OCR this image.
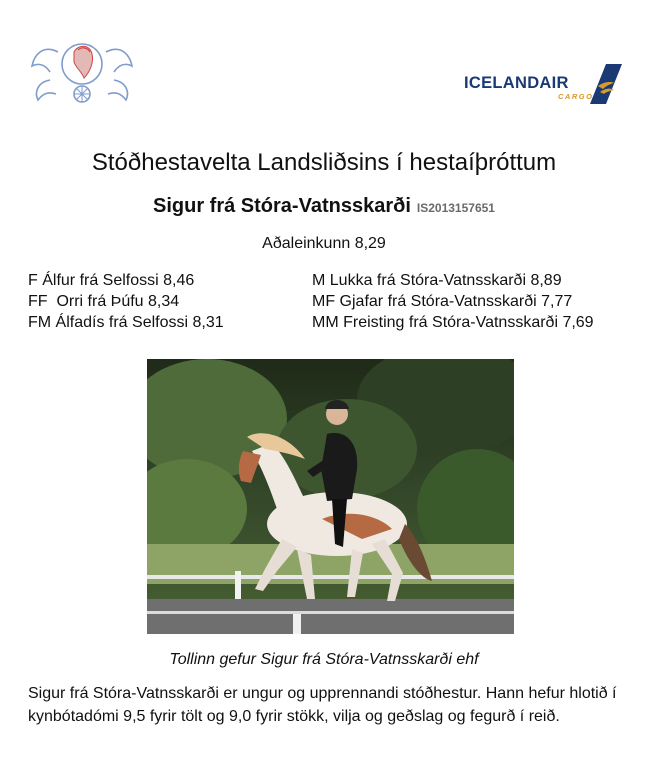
ICELANDAIR
CARGO
Stóðhestavelta Landsliðsins í hestaíþróttum
Sigur frá Stóra-Vatnsskarði IS2013157651
Aðaleinkunn 8,29
F Álfur frá Selfossi 8,46
FF  Orri frá Þúfu 8,34
FM Álfadís frá Selfossi 8,31
M Lukka frá Stóra-Vatnsskarði 8,89
MF Gjafar frá Stóra-Vatnsskarði 7,77
MM Freisting frá Stóra-Vatnsskarði 7,69
Tollinn gefur Sigur frá Stóra-Vatnsskarði ehf
Sigur frá Stóra-Vatnsskarði er ungur og upprennandi stóðhestur. Hann hefur hlotið í kynbótadómi 9,5 fyrir tölt og 9,0 fyrir stökk, vilja og geðslag og fegurð í reið.
